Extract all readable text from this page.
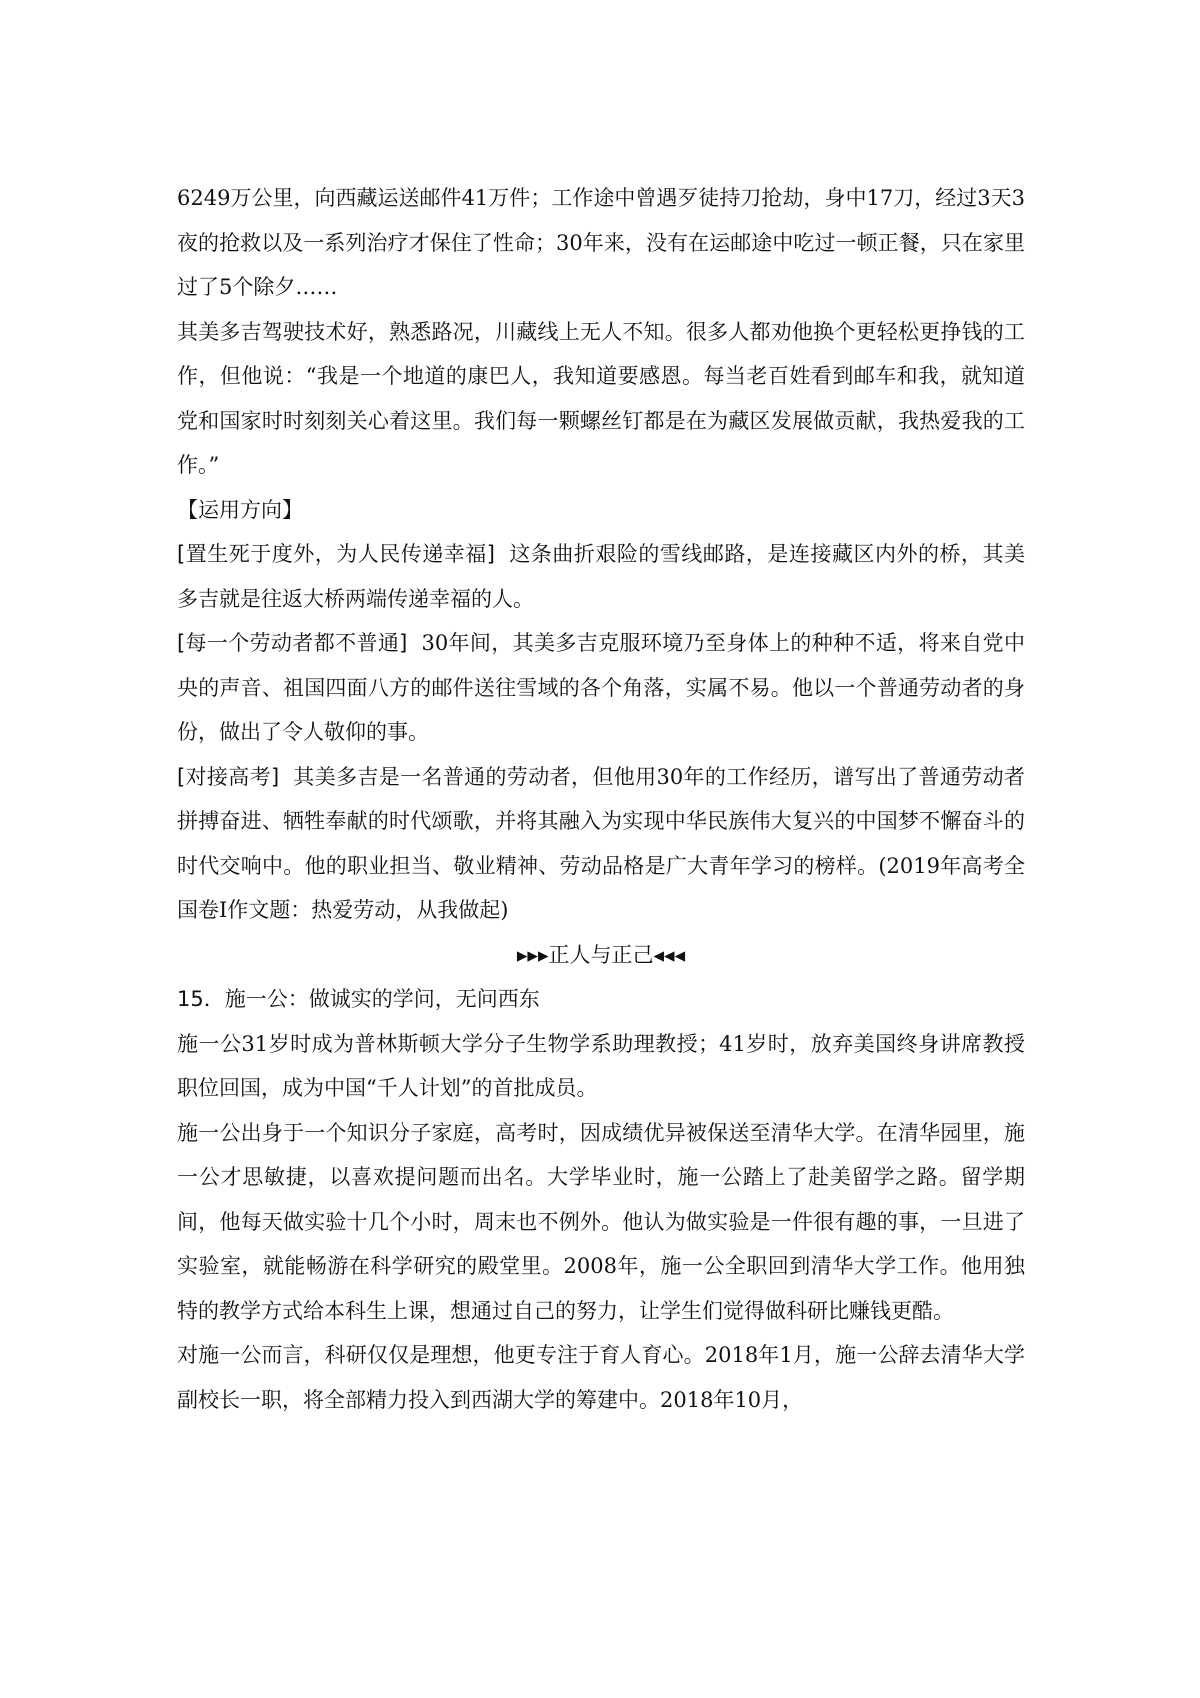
6249万公里，向西藏运送邮件41万件；工作途中曾遇歹徒持刀抢劫，身中17刀，经过3天3夜的抢救以及一系列治疗才保住了性命；30年来，没有在运邮途中吃过一顿正餐，只在家里过了5个除夕……

其美多吉驾驶技术好，熟悉路况，川藏线上无人不知。很多人都劝他换个更轻松更挣钱的工作，但他说：“我是一个地道的康巴人，我知道要感恩。每当老百姓看到邮车和我，就知道党和国家时时刻刻关心着这里。我们每一颗螺丝钉都是在为藏区发展做贡献，我热爱我的工作。”

【运用方向】

[置生死于度外，为人民传递幸福] 这条曲折艰险的雪线邮路，是连接藏区内外的桥，其美多吉就是往返大桥两端传递幸福的人。

[每一个劳动者都不普通] 30年间，其美多吉克服环境乃至身体上的种种不适，将来自党中央的声音、祖国四面八方的邮件送往雪域的各个角落，实属不易。他以一个普通劳动者的身份，做出了令人敬仰的事。

[对接高考] 其美多吉是一名普通的劳动者，但他用30年的工作经历，谱写出了普通劳动者拼搏奋进、牺牲奉献的时代颂歌，并将其融入为实现中华民族伟大复兴的中国梦不懈奋斗的时代交响中。他的职业担当、敬业精神、劳动品格是广大青年学习的榜样。(2019年高考全国卷I作文题：热爱劳动，从我做起)

▸▸▸正人与正己◂◂◂

15．施一公：做诚实的学问，无问西东

施一公31岁时成为普林斯顿大学分子生物学系助理教授；41岁时，放弃美国终身讲席教授职位回国，成为中国“千人计划”的首批成员。

施一公出身于一个知识分子家庭，高考时，因成绩优异被保送至清华大学。在清华园里，施一公才思敏捷，以喜欢提问题而出名。大学毕业时，施一公踏上了赴美留学之路。留学期间，他每天做实验十几个小时，周末也不例外。他认为做实验是一件很有趣的事，一旦进了实验室，就能畅游在科学研究的殿堂里。2008年，施一公全职回到清华大学工作。他用独特的教学方式给本科生上课，想通过自己的努力，让学生们觉得做科研比赚钱更酷。

对施一公而言，科研仅仅是理想，他更专注于育人育心。2018年1月，施一公辞去清华大学副校长一职，将全部精力投入到西湖大学的筹建中。2018年10月，
